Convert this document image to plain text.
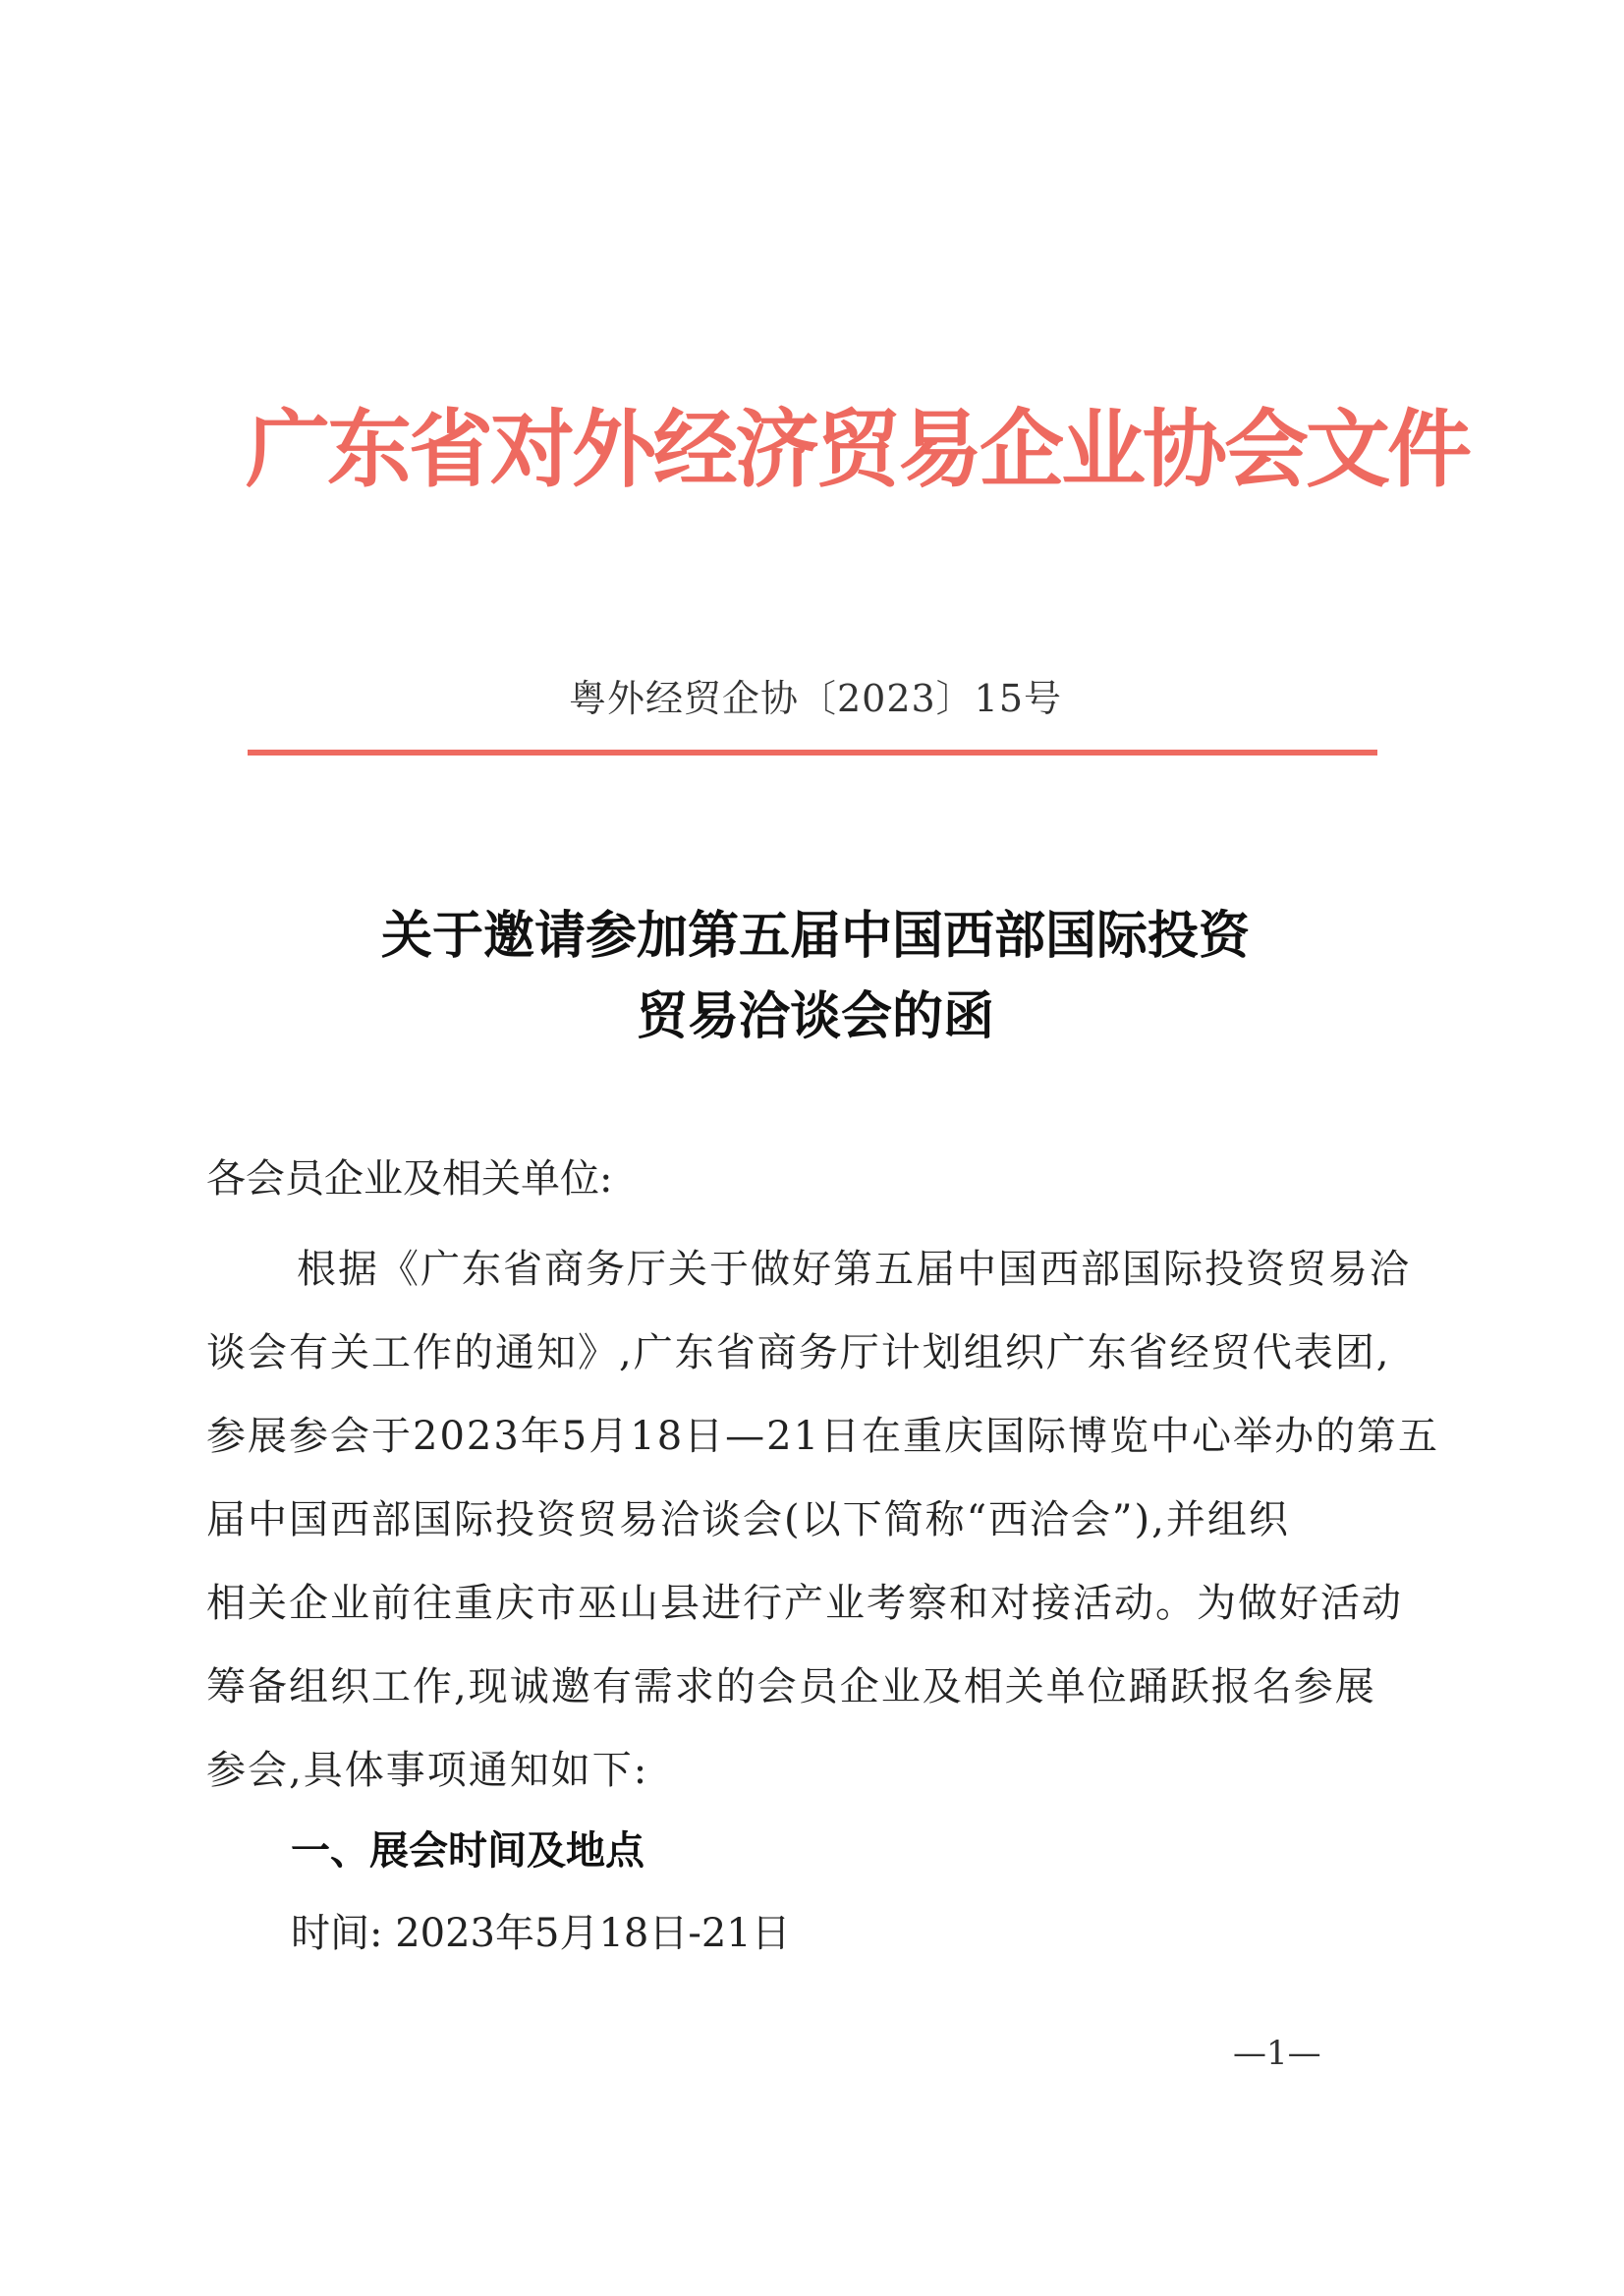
广东省对外经济贸易企业协会文件
粤外经贸企协〔2023〕15号
关于邀请参加第五届中国西部国际投资
贸易洽谈会的函
各会员企业及相关单位:
根据《广东省商务厅关于做好第五届中国西部国际投资贸易洽
谈会有关工作的通知》,广东省商务厅计划组织广东省经贸代表团,
参展参会于2023年5月18日—21日在重庆国际博览中心举办的第五
届中国西部国际投资贸易洽谈会(以下简称“西洽会”),并组织
相关企业前往重庆市巫山县进行产业考察和对接活动。为做好活动
筹备组织工作,现诚邀有需求的会员企业及相关单位踊跃报名参展
参会,具体事项通知如下:
一、展会时间及地点
时间: 2023年5月18日-21日
—1—
